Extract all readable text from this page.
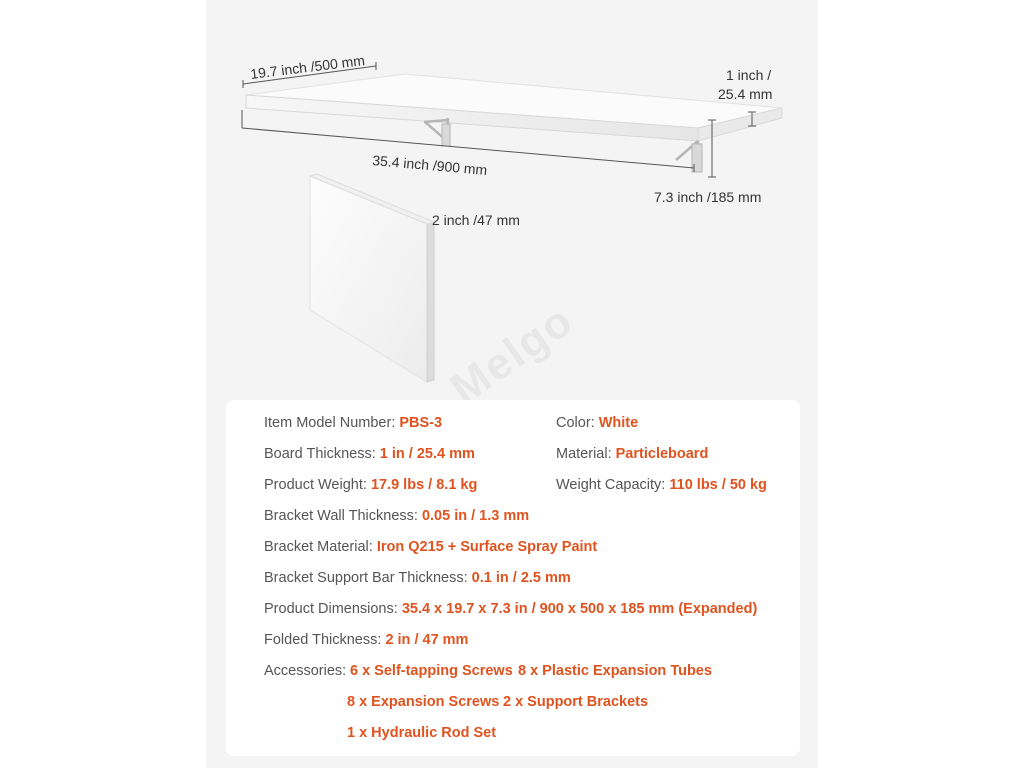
19.7 inch /500 mm
35.4 inch /900 mm
1 inch /
25.4 mm
7.3 inch /185 mm
2 inch /47 mm
Melgo
Item Model Number: PBS-3	Color: White
Board Thickness: 1 in / 25.4 mm	Material: Particleboard
Product Weight: 17.9 lbs / 8.1 kg	Weight Capacity: 110 lbs / 50 kg
Bracket Wall Thickness: 0.05 in / 1.3 mm
Bracket Material: Iron Q215 + Surface Spray Paint
Bracket Support Bar Thickness: 0.1 in / 2.5 mm
Product Dimensions: 35.4 x 19.7 x 7.3 in / 900 x 500 x 185 mm (Expanded)
Folded Thickness: 2 in / 47 mm
Accessories: 6 x Self-tapping Screws 8 x Plastic Expansion Tubes
8 x Expansion Screws 2 x Support Brackets
1 x Hydraulic Rod Set
